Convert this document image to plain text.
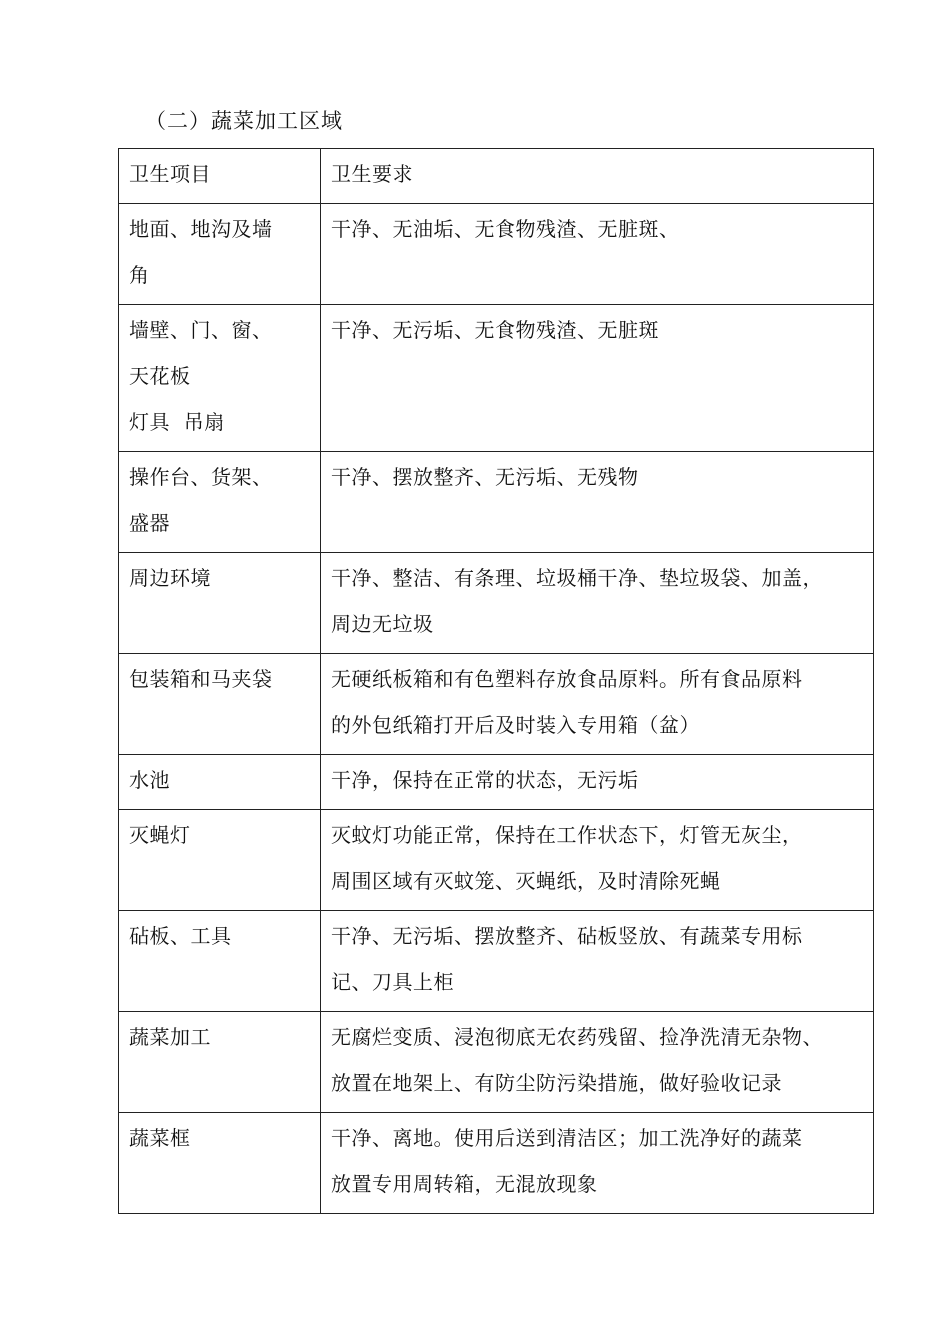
（二）蔬菜加工区域
卫生项目	卫生要求

地面、地沟及墙
角	干净、无油垢、无食物残渣、无脏斑、

墙壁、门、窗、
天花板
灯具  吊扇	干净、无污垢、无食物残渣、无脏斑

操作台、货架、
盛器	干净、摆放整齐、无污垢、无残物

周边环境	干净、整洁、有条理、垃圾桶干净、垫垃圾袋、加盖，
周边无垃圾

包装箱和马夹袋	无硬纸板箱和有色塑料存放食品原料。所有食品原料
的外包纸箱打开后及时装入专用箱（盆）

水池	干净，保持在正常的状态，无污垢

灭蝇灯	灭蚊灯功能正常，保持在工作状态下，灯管无灰尘，
周围区域有灭蚊笼、灭蝇纸，及时清除死蝇

砧板、工具	干净、无污垢、摆放整齐、砧板竖放、有蔬菜专用标
记、刀具上柜

蔬菜加工	无腐烂变质、浸泡彻底无农药残留、捡净洗清无杂物、
放置在地架上、有防尘防污染措施，做好验收记录

蔬菜框	干净、离地。使用后送到清洁区；加工洗净好的蔬菜
放置专用周转箱，无混放现象
